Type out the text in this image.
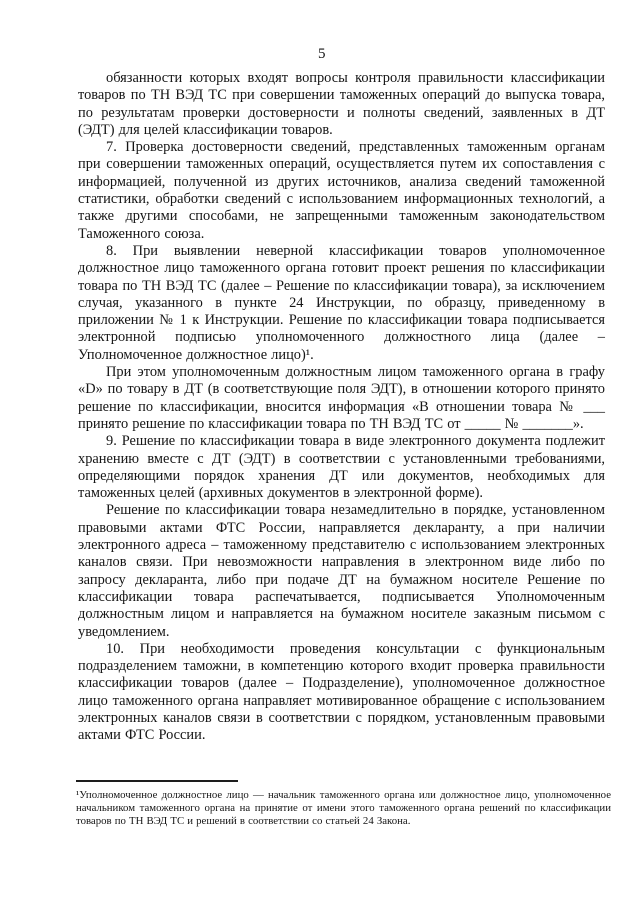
5

обязанности которых входят вопросы контроля правильности классификации товаров по ТН ВЭД ТС при совершении таможенных операций до выпуска товара, по результатам проверки достоверности и полноты сведений, заявленных в ДТ (ЭДТ) для целей классификации товаров.

7. Проверка достоверности сведений, представленных таможенным органам при совершении таможенных операций, осуществляется путем их сопоставления с информацией, полученной из других источников, анализа сведений таможенной статистики, обработки сведений с использованием информационных технологий, а также другими способами, не запрещенными таможенным законодательством Таможенного союза.

8. При выявлении неверной классификации товаров уполномоченное должностное лицо таможенного органа готовит проект решения по классификации товара по ТН ВЭД ТС (далее – Решение по классификации товара), за исключением случая, указанного в пункте 24 Инструкции, по образцу, приведенному в приложении № 1 к Инструкции. Решение по классификации товара подписывается электронной подписью уполномоченного должностного лица (далее – Уполномоченное должностное лицо)¹.

При этом уполномоченным должностным лицом таможенного органа в графу «D» по товару в ДТ (в соответствующие поля ЭДТ), в отношении которого принято решение по классификации, вносится информация «В отношении товара № ___ принято решение по классификации товара по ТН ВЭД ТС от _____ № _______».

9. Решение по классификации товара в виде электронного документа подлежит хранению вместе с ДТ (ЭДТ) в соответствии с установленными требованиями, определяющими порядок хранения ДТ или документов, необходимых для таможенных целей (архивных документов в электронной форме).

Решение по классификации товара незамедлительно в порядке, установленном правовыми актами ФТС России, направляется декларанту, а при наличии электронного адреса – таможенному представителю с использованием электронных каналов связи. При невозможности направления в электронном виде либо по запросу декларанта, либо при подаче ДТ на бумажном носителе Решение по классификации товара распечатывается, подписывается Уполномоченным должностным лицом и направляется на бумажном носителе заказным письмом с уведомлением.

10. При необходимости проведения консультации с функциональным подразделением таможни, в компетенцию которого входит проверка правильности классификации товаров (далее – Подразделение), уполномоченное должностное лицо таможенного органа направляет мотивированное обращение с использованием электронных каналов связи в соответствии с порядком, установленным правовыми актами ФТС России.

¹Уполномоченное должностное лицо — начальник таможенного органа или должностное лицо, уполномоченное начальником таможенного органа на принятие от имени этого таможенного органа решений по классификации товаров по ТН ВЭД ТС и решений в соответствии со статьей 24 Закона.
